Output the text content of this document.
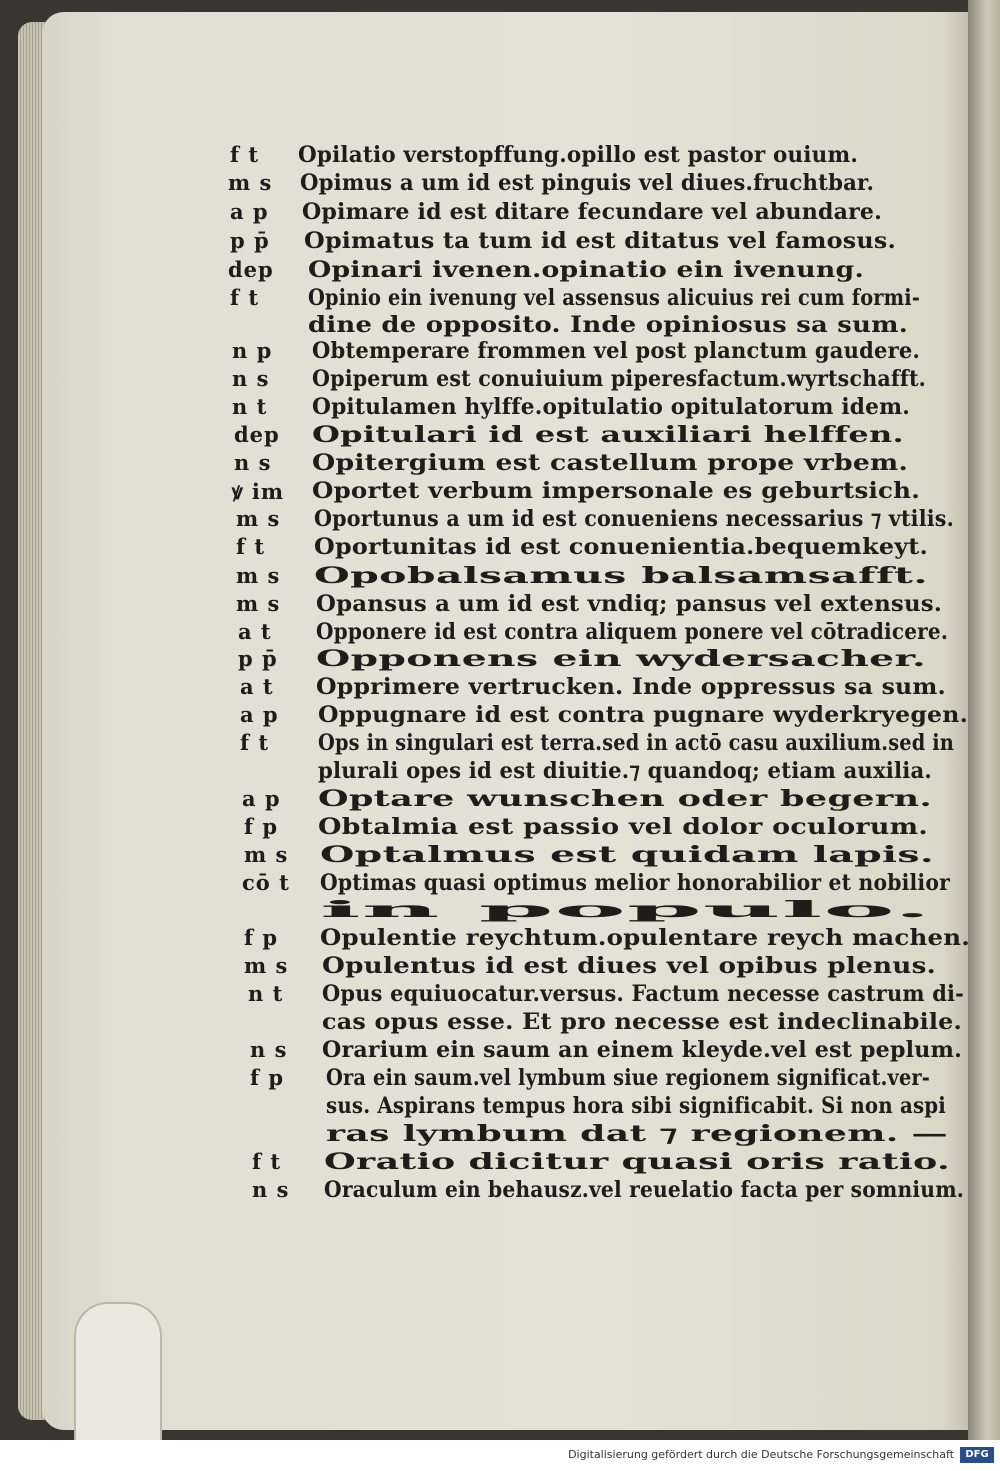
f t Opilatio verstopffung.opillo est pastor ouium.
m s Opimus a um id est pinguis vel diues.fruchtbar.
a p Opimare id est ditare fecundare vel abundare.
p p̄ Opimatus ta tum id est ditatus vel famosus.
dep Opinari ivenen.opinatio ein ivenung.
f t Opinio ein ivenung vel assensus alicuius rei cum formi-
dine de opposito. Inde opiniosus sa sum.
n p Obtemperare frommen vel post planctum gaudere.
n s Opiperum est conuiuium piperesfactum.wyrtschafft.
n t Opitulamen hylffe.opitulatio opitulatorum idem.
dep Opitulari id est auxiliari helffen.
n s Opitergium est castellum prope vrbem.
ꝟ im Oportet verbum impersonale es geburtsich.
m s Oportunus a um id est conueniens necessarius ⁊ vtilis.
f t Oportunitas id est conuenientia.bequemkeyt.
m s Opobalsamus balsamsafft.
m s Opansus a um id est vndiq; pansus vel extensus.
a t Opponere id est contra aliquem ponere vel cōtradicere.
p p̄ Opponens ein wydersacher.
a t Opprimere vertrucken. Inde oppressus sa sum.
a p Oppugnare id est contra pugnare wyderkryegen.
f t Ops in singulari est terra.sed in actō casu auxilium.sed in
plurali opes id est diuitie.⁊ quandoq; etiam auxilia.
a p Optare wunschen oder begern.
f p Obtalmia est passio vel dolor oculorum.
m s Optalmus est quidam lapis.
cō t Optimas quasi optimus melior honorabilior et nobilior
in populo.
f p Opulentie reychtum.opulentare reych machen.
m s Opulentus id est diues vel opibus plenus.
n t Opus equiuocatur.versus. Factum necesse castrum di-
cas opus esse. Et pro necesse est indeclinabile.
n s Orarium ein saum an einem kleyde.vel est peplum.
f p Ora ein saum.vel lymbum siue regionem significat.ver-
sus. Aspirans tempus hora sibi significabit. Si non aspi
ras lymbum dat ⁊ regionem. —
f t Oratio dicitur quasi oris ratio.
n s Oraculum ein behausz.vel reuelatio facta per somnium.
Digitalisierung gefördert durch die Deutsche Forschungsgemeinschaft	DFG
